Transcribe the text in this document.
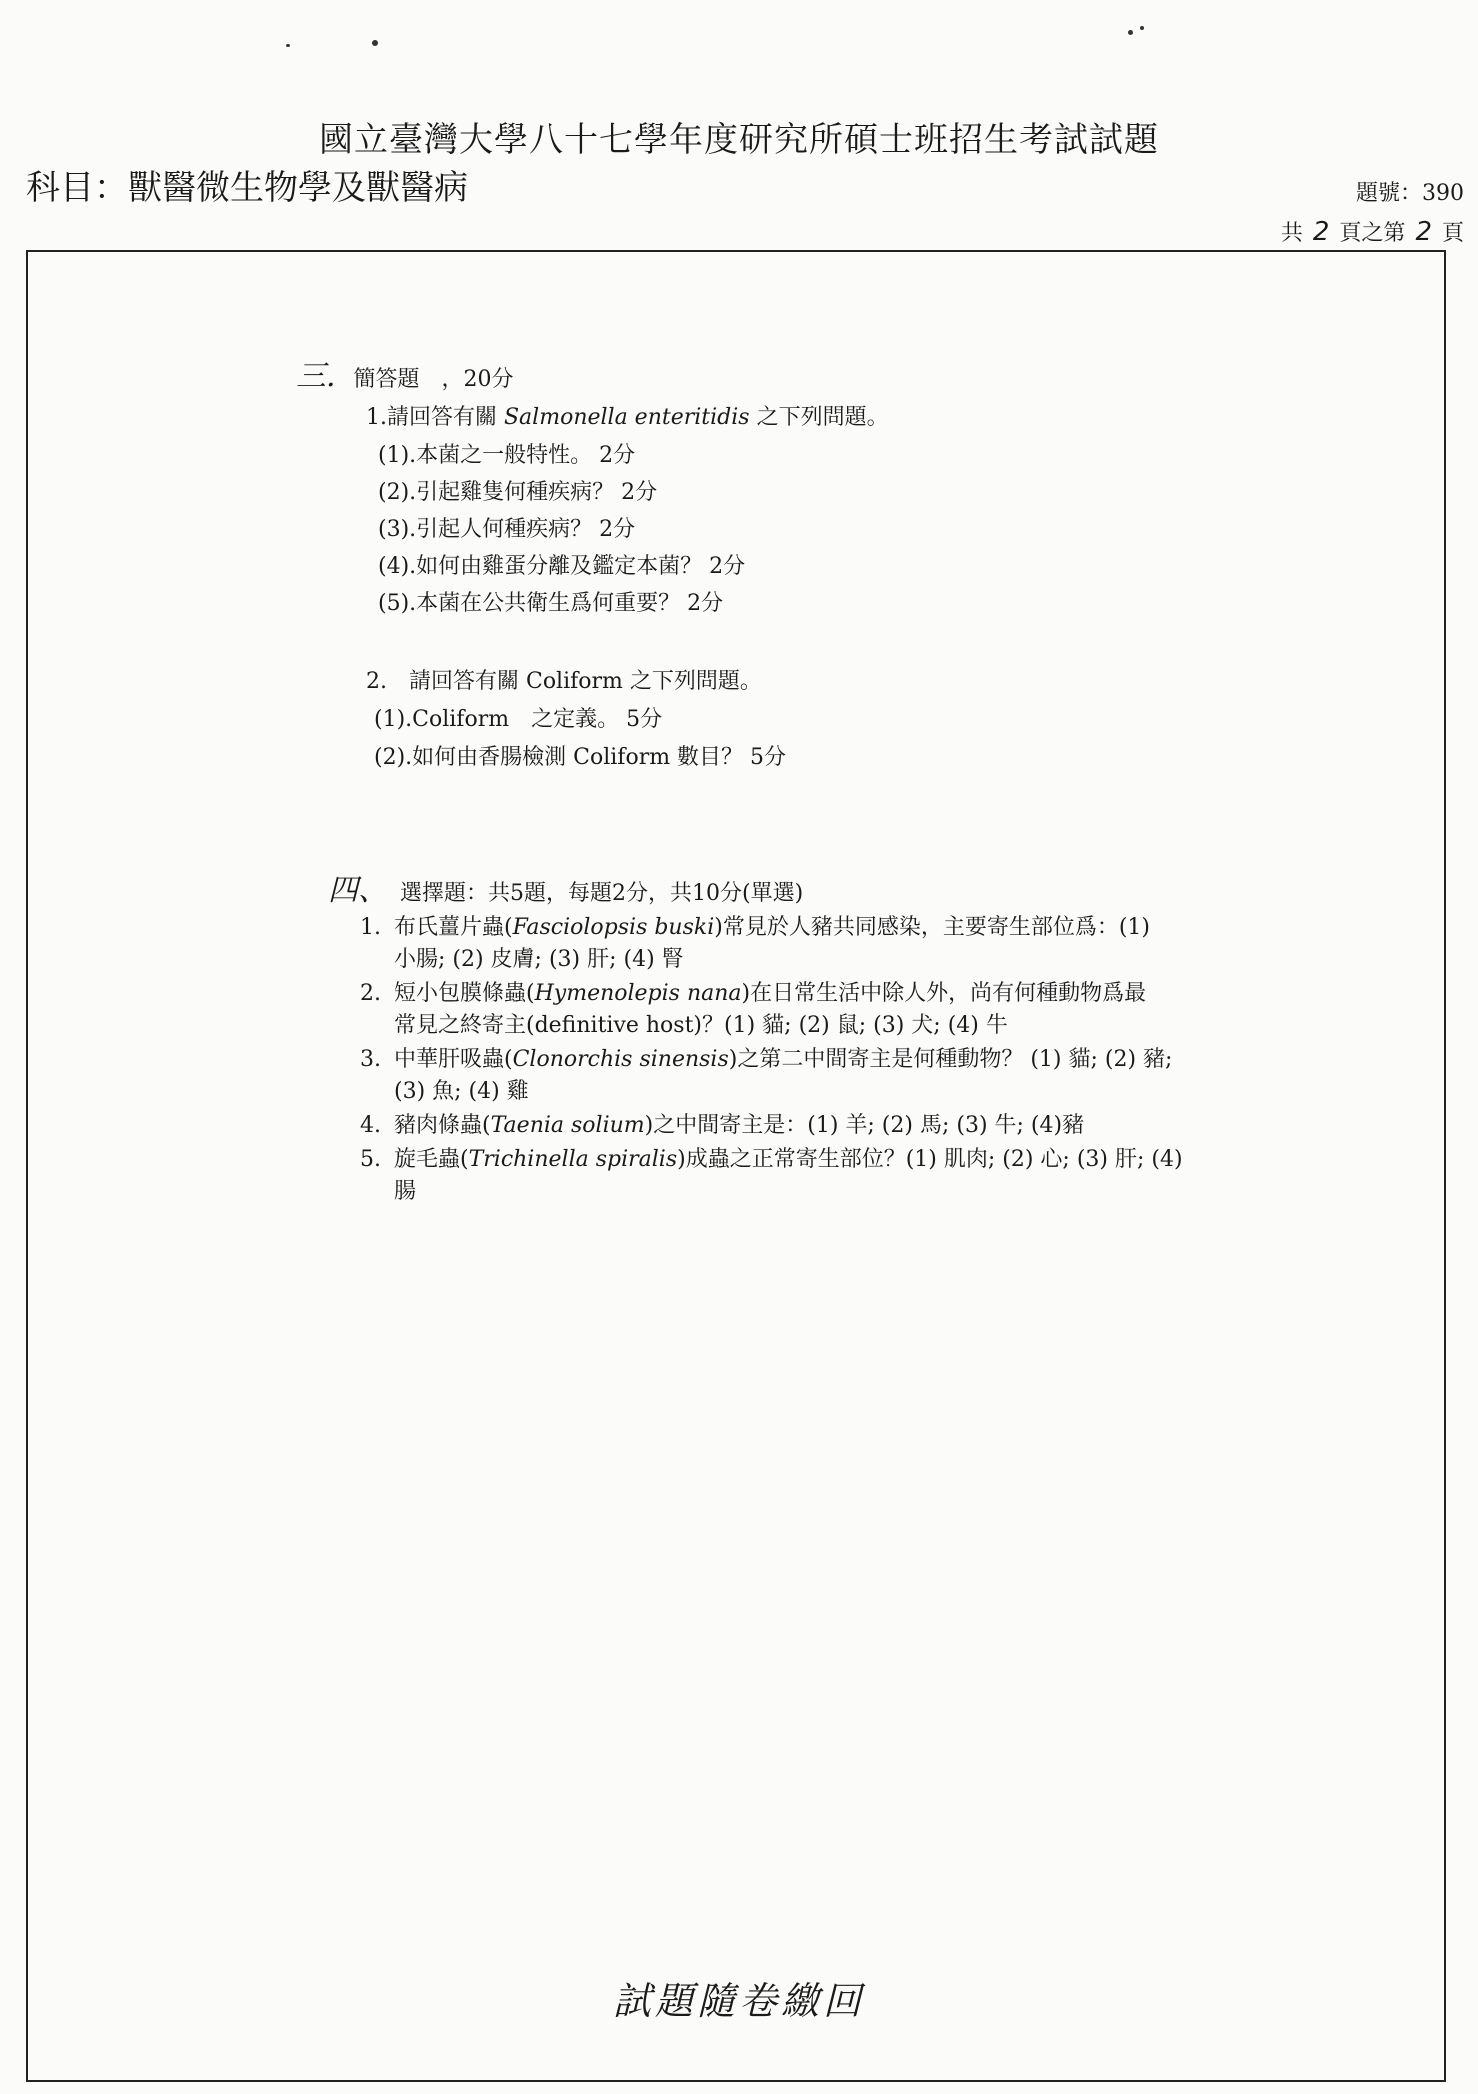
國立臺灣大學八十七學年度研究所碩士班招生考試試題
科目：獸醫微生物學及獸醫病	題號：390
共 2 頁之第 2 頁
三. 簡答題　，20分
1.請回答有關 Salmonella enteritidis 之下列問題。
(1).本菌之一般特性。 2分
(2).引起雞隻何種疾病？ 2分
(3).引起人何種疾病？ 2分
(4).如何由雞蛋分離及鑑定本菌？ 2分
(5).本菌在公共衛生爲何重要？ 2分
2.　請回答有關 Coliform 之下列問題。
(1).Coliform　之定義。 5分
(2).如何由香腸檢測 Coliform 數目？ 5分
四、 選擇題：共5題，每題2分，共10分(單選)
1. 布氏薑片蟲(Fasciolopsis buski)常見於人豬共同感染，主要寄生部位爲：(1)
小腸; (2) 皮膚; (3) 肝; (4) 腎
2. 短小包膜條蟲(Hymenolepis nana)在日常生活中除人外，尚有何種動物爲最
常見之終寄主(definitive host)？(1) 貓; (2) 鼠; (3) 犬; (4) 牛
3. 中華肝吸蟲(Clonorchis sinensis)之第二中間寄主是何種動物？ (1) 貓; (2) 豬;
(3) 魚; (4) 雞
4. 豬肉條蟲(Taenia solium)之中間寄主是：(1) 羊; (2) 馬; (3) 牛; (4)豬
5. 旋毛蟲(Trichinella spiralis)成蟲之正常寄生部位？(1) 肌肉; (2) 心; (3) 肝; (4)
腸
試題隨卷繳回
